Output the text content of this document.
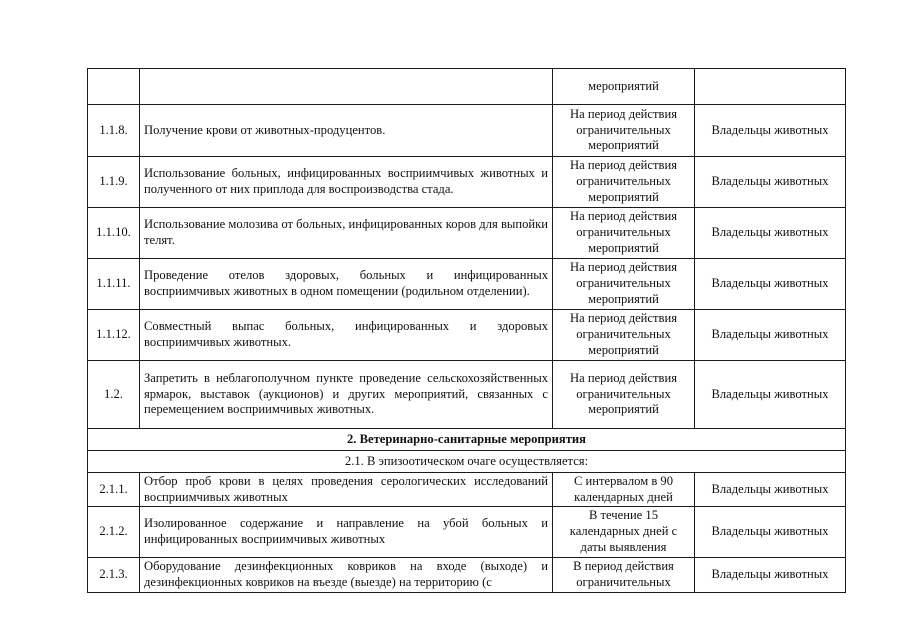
		мероприятий	
1.1.8.	Получение крови от животных-продуцентов.	На период действия ограничительных мероприятий	Владельцы животных
1.1.9.	Использование больных, инфицированных восприимчивых животных и полученного от них приплода для воспроизводства стада.	На период действия ограничительных мероприятий	Владельцы животных
1.1.10.	Использование молозива от больных, инфицированных коров для выпойки телят.	На период действия ограничительных мероприятий	Владельцы животных
1.1.11.	Проведение отелов здоровых, больных и инфицированных восприимчивых животных в одном помещении (родильном отделении).	На период действия ограничительных мероприятий	Владельцы животных
1.1.12.	Совместный выпас больных, инфицированных и здоровых восприимчивых животных.	На период действия ограничительных мероприятий	Владельцы животных
1.2.	Запретить в неблагополучном пункте проведение сельскохозяйственных ярмарок, выставок (аукционов) и других мероприятий, связанных с перемещением восприимчивых животных.	На период действия ограничительных мероприятий	Владельцы животных
2. Ветеринарно-санитарные мероприятия			
2.1. В эпизоотическом очаге осуществляется:			
2.1.1.	Отбор проб крови в целях проведения серологических исследований восприимчивых животных	С интервалом в 90 календарных дней	Владельцы животных
2.1.2.	Изолированное содержание и направление на убой больных и инфицированных восприимчивых животных	В течение 15 календарных дней с даты выявления	Владельцы животных
2.1.3.	Оборудование дезинфекционных ковриков на входе (выходе) и дезинфекционных ковриков на въезде (выезде) на территорию (с	В период действия ограничительных	Владельцы животных
